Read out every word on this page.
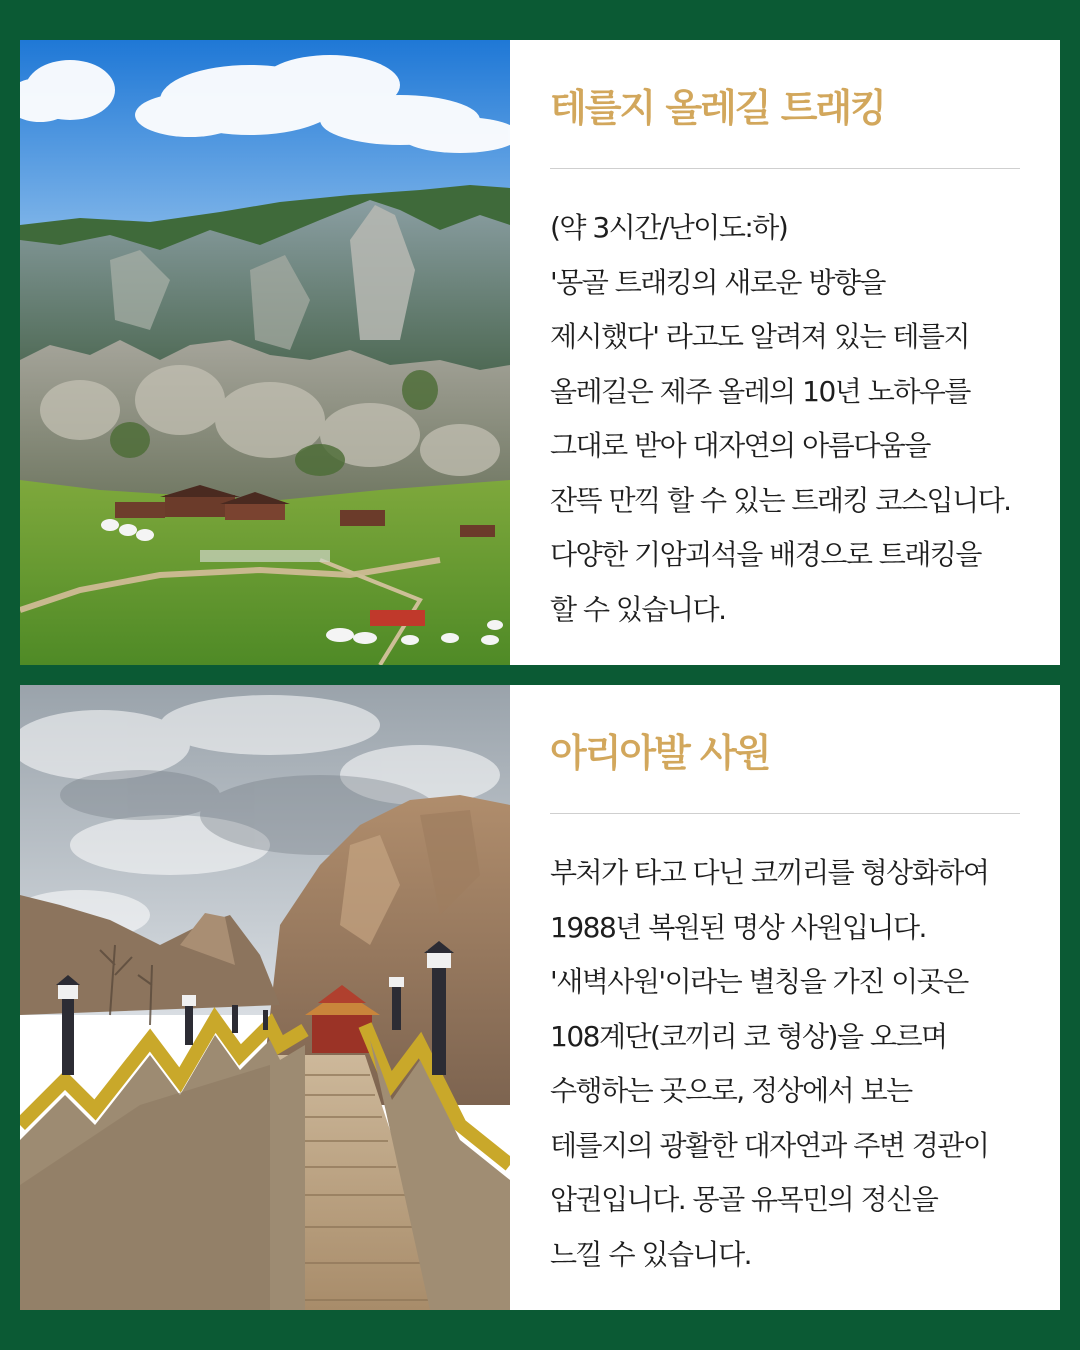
테를지 올레길 트래킹
(약 3시간/난이도:하)
'몽골 트래킹의 새로운 방향을
제시했다' 라고도 알려져 있는 테를지
올레길은 제주 올레의 10년 노하우를
그대로 받아 대자연의 아름다움을
잔뜩 만끽 할 수 있는 트래킹 코스입니다.
다양한 기암괴석을 배경으로 트래킹을
할 수 있습니다.
아리아발 사원
부처가 타고 다닌 코끼리를 형상화하여
1988년 복원된 명상 사원입니다.
'새벽사원'이라는 별칭을 가진 이곳은
108계단(코끼리 코 형상)을 오르며
수행하는 곳으로, 정상에서 보는
테를지의 광활한 대자연과 주변 경관이
압권입니다. 몽골 유목민의 정신을
느낄 수 있습니다.
